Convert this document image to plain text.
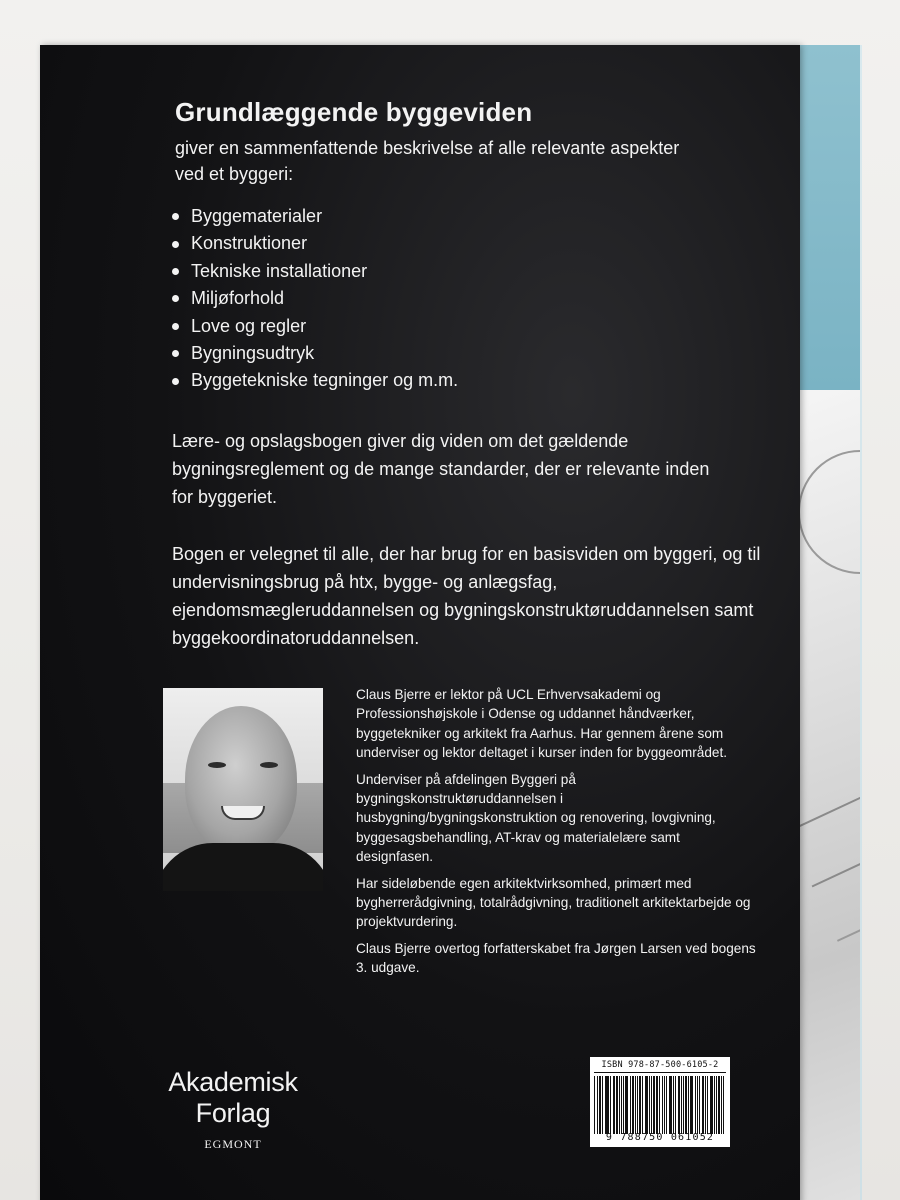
Grundlæggende byggeviden

giver en sammenfattende beskrivelse af alle relevante aspekter ved et byggeri:

Byggematerialer
Konstruktioner
Tekniske installationer
Miljøforhold
Love og regler
Bygningsudtryk
Byggetekniske tegninger og m.m.

Lære- og opslagsbogen giver dig viden om det gældende bygningsreglement og de mange standarder, der er relevante inden for byggeriet.

Bogen er velegnet til alle, der har brug for en basisviden om byggeri, og til undervisningsbrug på htx, bygge- og anlægsfag, ejendomsmægleruddannelsen og bygningskonstruktøruddannelsen samt byggekoordinatoruddannelsen.

Claus Bjerre er lektor på UCL Erhvervsakademi og Professionshøjskole i Odense og uddannet håndværker, byggetekniker og arkitekt fra Aarhus. Har gennem årene som underviser og lektor deltaget i kurser inden for byggeområdet.

Underviser på afdelingen Byggeri på bygningskonstruktøruddannelsen i husbygning/bygningskonstruktion og renovering, lovgivning, byggesagsbehandling, AT-krav og materialelære samt designfasen.

Har sideløbende egen arkitektvirksomhed, primært med bygherrerådgivning, totalrådgivning, traditionelt arkitektarbejde og projektvurdering.

Claus Bjerre overtog forfatterskabet fra Jørgen Larsen ved bogens 3. udgave.

Akademisk
Forlag
EGMONT
ISBN 978-87-500-6105-2
9 788750 061052
